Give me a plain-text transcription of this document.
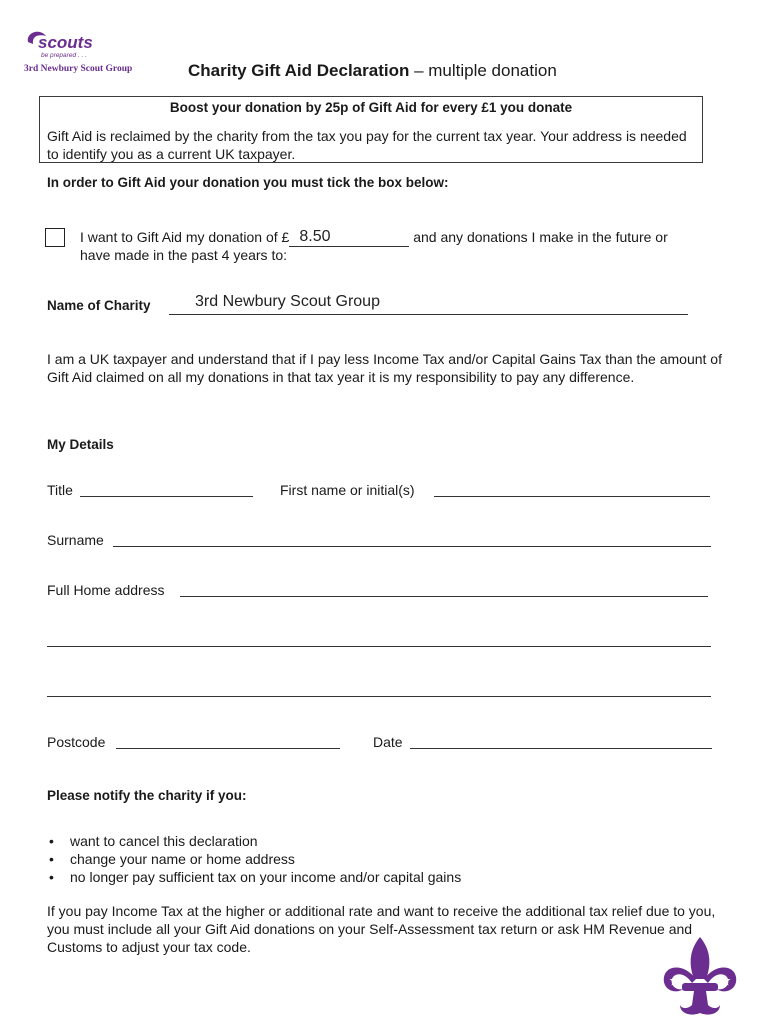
scouts
be prepared . . .
3rd Newbury Scout Group	Charity Gift Aid Declaration – multiple donation
Boost your donation by 25p of Gift Aid for every £1 you donate
Gift Aid is reclaimed by the charity from the tax you pay for the current tax year. Your address is needed to identify you as a current UK taxpayer.
In order to Gift Aid your donation you must tick the box below:
I want to Gift Aid my donation of £ 8.50	and any donations I make in the future or
have made in the past 4 years to:
Name of Charity	3rd Newbury Scout Group
I am a UK taxpayer and understand that if I pay less Income Tax and/or Capital Gains Tax than the amount of Gift Aid claimed on all my donations in that tax year it is my responsibility to pay any difference.
My Details
Title	First name or initial(s)
Surname
Full Home address
Postcode	Date
Please notify the charity if you:
• want to cancel this declaration
• change your name or home address
• no longer pay sufficient tax on your income and/or capital gains
If you pay Income Tax at the higher or additional rate and want to receive the additional tax relief due to you, you must include all your Gift Aid donations on your Self-Assessment tax return or ask HM Revenue and Customs to adjust your tax code.
